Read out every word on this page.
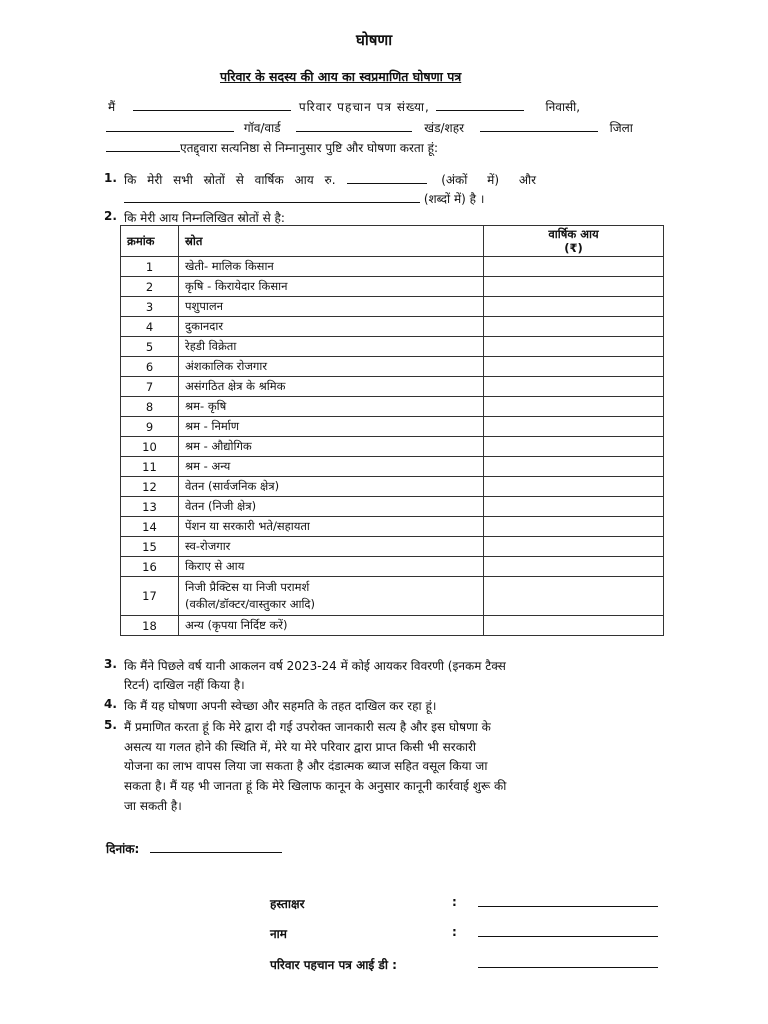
घोषणा
परिवार के सदस्य की आय का स्वप्रमाणित घोषणा पत्र
मैं	परिवार पहचान पत्र संख्या,	निवासी,
गॉव/वार्ड	खंड/शहर	जिला
एतद्द्वारा सत्यनिष्ठा से निम्नानुसार पुष्टि और घोषणा करता हूं:
1. कि मेरी सभी स्रोतों से वार्षिक आय रु.	(अंकों में) और
(शब्दों में) है ।
2. कि मेरी आय निम्नलिखित स्रोतों से है:
क्रमांक	स्रोत	वार्षिक आय
(₹)
1	खेती- मालिक किसान	
2	कृषि - किरायेदार किसान	
3	पशुपालन	
4	दुकानदार	
5	रेहडी विक्रेता	
6	अंशकालिक रोजगार	
7	असंगठित क्षेत्र के श्रमिक	
8	श्रम- कृषि	
9	श्रम - निर्माण	
10	श्रम - औद्योगिक	
11	श्रम - अन्य	
12	वेतन (सार्वजनिक क्षेत्र)	
13	वेतन (निजी क्षेत्र)	
14	पेंशन या सरकारी भते/सहायता	
15	स्व-रोजगार	
16	किराए से आय	
17	निजी प्रैक्टिस या निजी परामर्श
(वकील/डॉक्टर/वास्तुकार आदि)	
18	अन्य (कृपया निर्दिष्ट करें)	
3. कि मैंने पिछले वर्ष यानी आकलन वर्ष 2023-24 में कोई आयकर विवरणी (इनकम टैक्स
रिटर्न) दाखिल नहीं किया है।
4. कि मैं यह घोषणा अपनी स्वेच्छा और सहमति के तहत दाखिल कर रहा हूं।
5. मैं प्रमाणित करता हूं कि मेरे द्वारा दी गई उपरोक्त जानकारी सत्य है और इस घोषणा के
असत्य या गलत होने की स्थिति में, मेरे या मेरे परिवार द्वारा प्राप्त किसी भी सरकारी
योजना का लाभ वापस लिया जा सकता है और दंडात्मक ब्याज सहित वसूल किया जा
सकता है। मैं यह भी जानता हूं कि मेरे खिलाफ कानून के अनुसार कानूनी कार्रवाई शुरू की
जा सकती है।
दिनांक:
हस्ताक्षर	:
नाम	:
परिवार पहचान पत्र आई डी :
